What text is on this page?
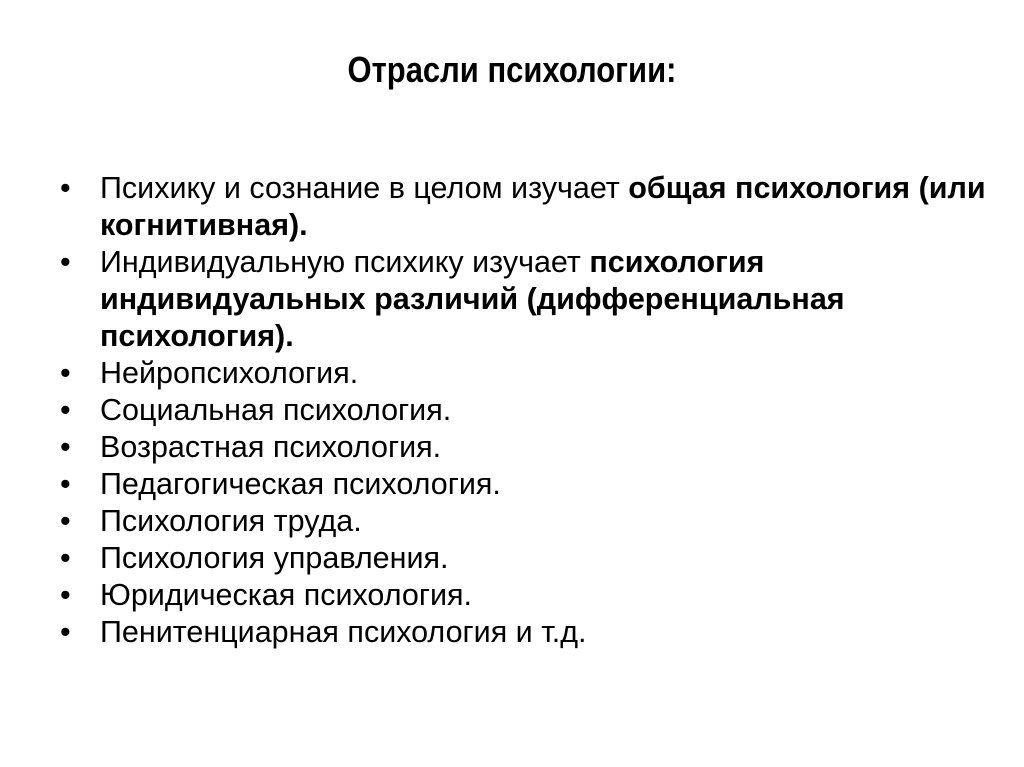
Отрасли психологии:
• Психику и сознание в целом изучает общая психология (или когнитивная).
• Индивидуальную психику изучает психология индивидуальных различий (дифференциальная психология).
• Нейропсихология.
• Социальная психология.
• Возрастная психология.
• Педагогическая психология.
• Психология труда.
• Психология управления.
• Юридическая психология.
• Пенитенциарная психология и т.д.
